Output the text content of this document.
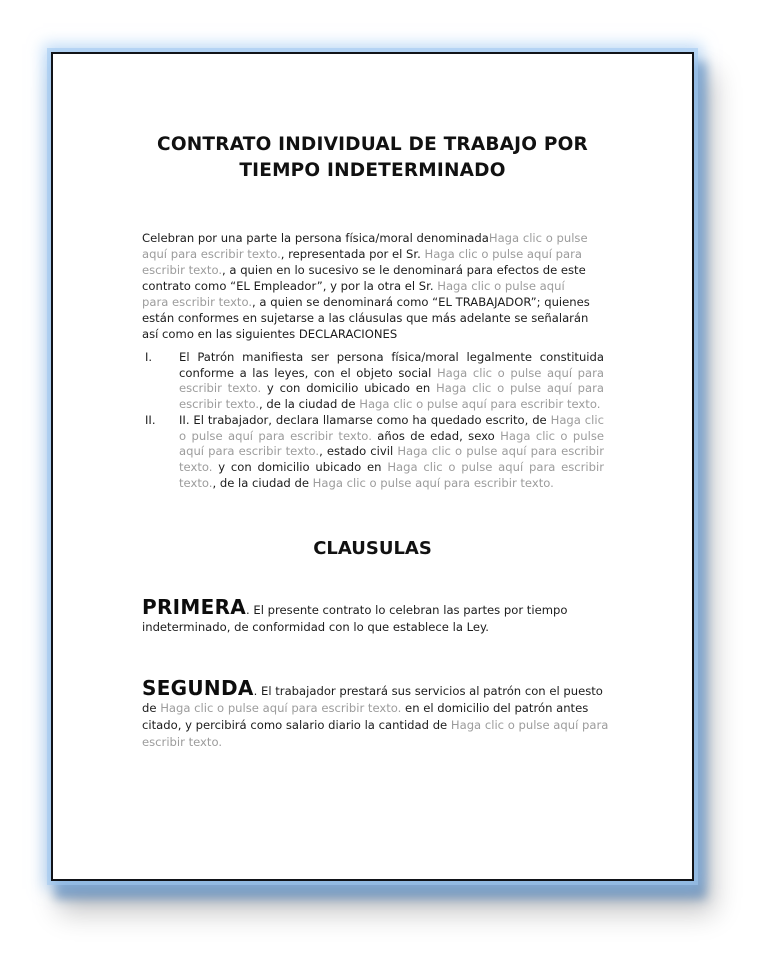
CONTRATO INDIVIDUAL DE TRABAJO POR
TIEMPO INDETERMINADO

Celebran por una parte la persona física/moral denominadaHaga clic o pulse aquí para escribir texto., representada por el Sr. Haga clic o pulse aquí para escribir texto., a quien en lo sucesivo se le denominará para efectos de este contrato como “EL Empleador”, y por la otra el Sr. Haga clic o pulse aquí para escribir texto., a quien se denominará como “EL TRABAJADOR”; quienes están conformes en sujetarse a las cláusulas que más adelante se señalarán así como en las siguientes DECLARACIONES

I. El Patrón manifiesta ser persona física/moral legalmente constituida conforme a las leyes, con el objeto social Haga clic o pulse aquí para escribir texto. y con domicilio ubicado en Haga clic o pulse aquí para escribir texto., de la ciudad de Haga clic o pulse aquí para escribir texto.
II. II. El trabajador, declara llamarse como ha quedado escrito, de Haga clic o pulse aquí para escribir texto. años de edad, sexo Haga clic o pulse aquí para escribir texto., estado civil Haga clic o pulse aquí para escribir texto. y con domicilio ubicado en Haga clic o pulse aquí para escribir texto., de la ciudad de Haga clic o pulse aquí para escribir texto.
CLAUSULAS

PRIMERA. El presente contrato lo celebran las partes por tiempo indeterminado, de conformidad con lo que establece la Ley.

SEGUNDA. El trabajador prestará sus servicios al patrón con el puesto de Haga clic o pulse aquí para escribir texto. en el domicilio del patrón antes citado, y percibirá como salario diario la cantidad de Haga clic o pulse aquí para escribir texto.
